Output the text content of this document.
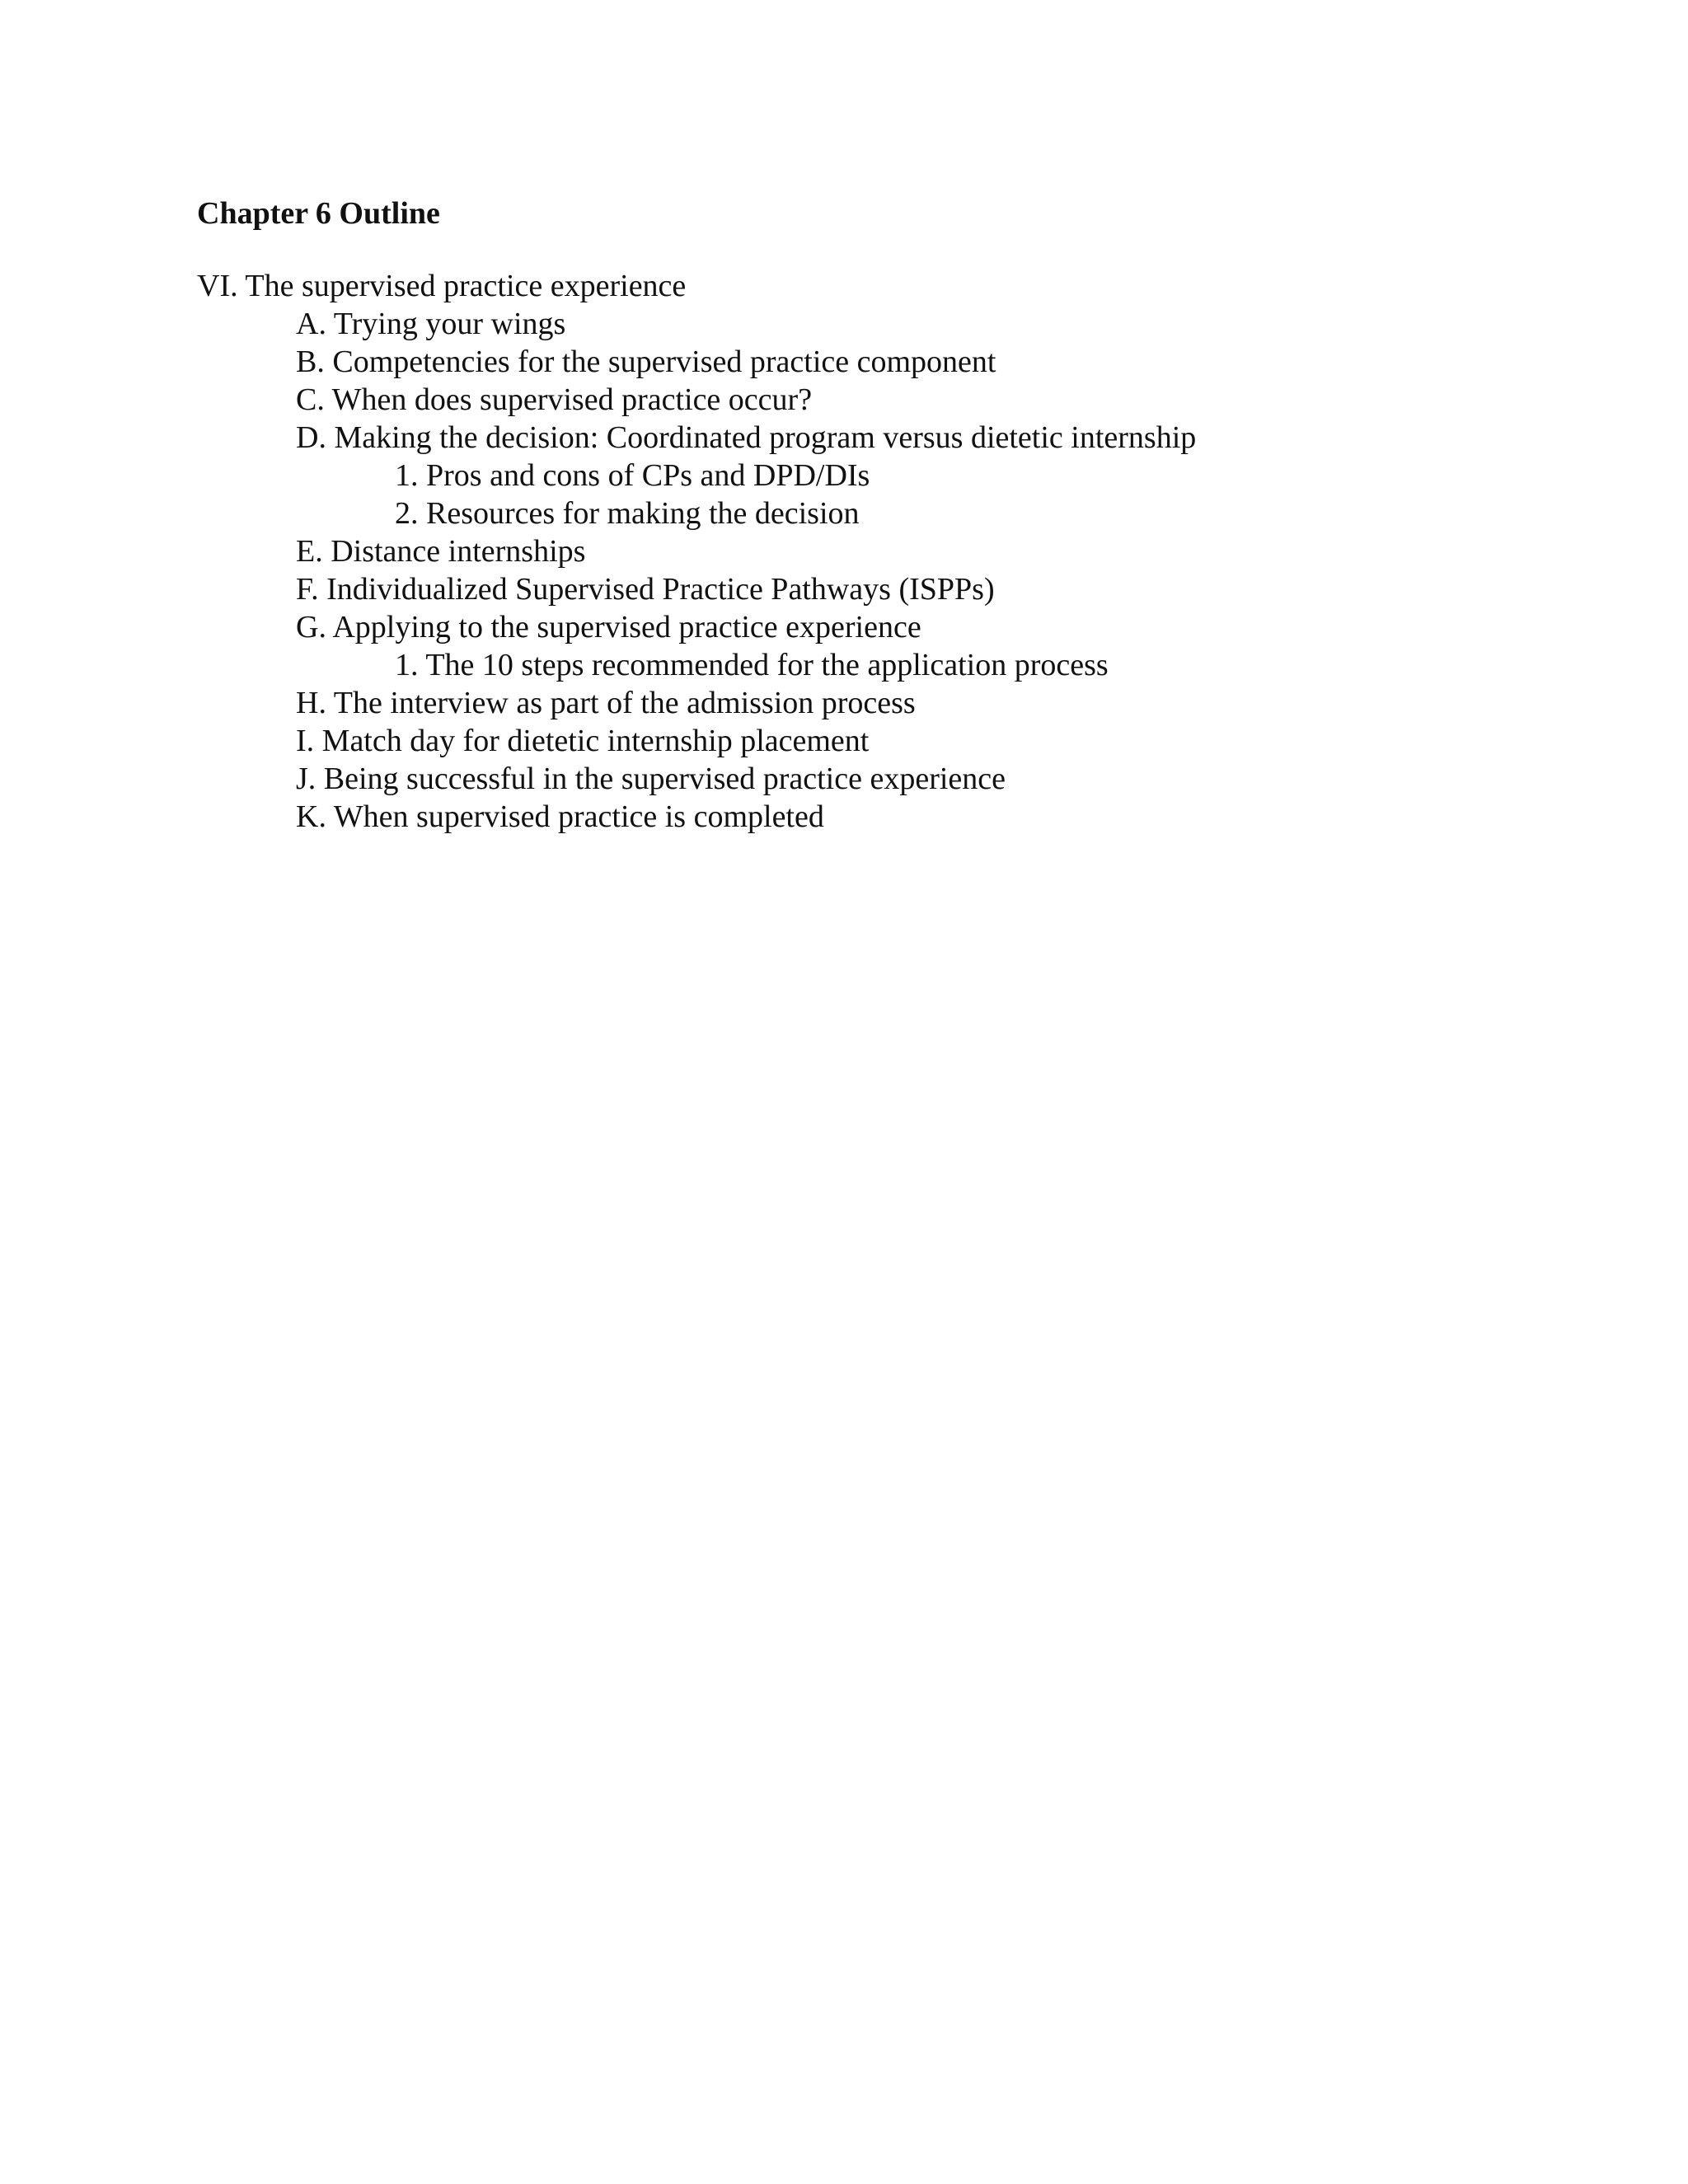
Chapter 6 Outline
VI. The supervised practice experience
A. Trying your wings
B. Competencies for the supervised practice component
C. When does supervised practice occur?
D. Making the decision: Coordinated program versus dietetic internship
1. Pros and cons of CPs and DPD/DIs
2. Resources for making the decision
E. Distance internships
F. Individualized Supervised Practice Pathways (ISPPs)
G. Applying to the supervised practice experience
1. The 10 steps recommended for the application process
H. The interview as part of the admission process
I. Match day for dietetic internship placement
J. Being successful in the supervised practice experience
K. When supervised practice is completed
